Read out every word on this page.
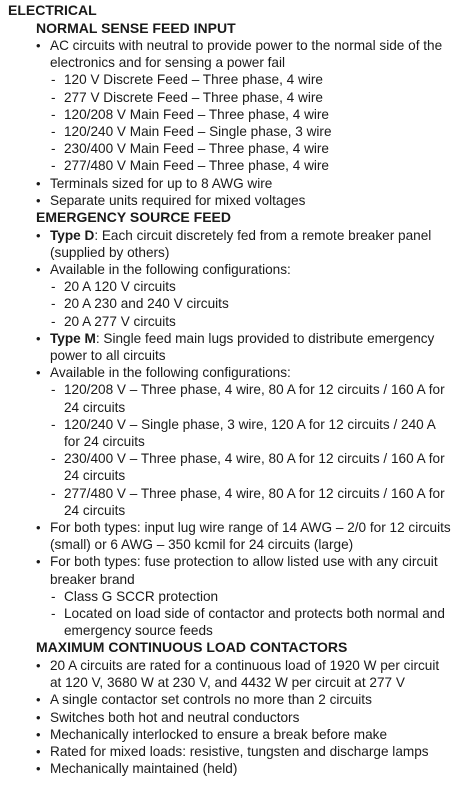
ELECTRICAL
NORMAL SENSE FEED INPUT
• AC circuits with neutral to provide power to the normal side of the electronics and for sensing a power fail
- 120 V Discrete Feed – Three phase, 4 wire
- 277 V Discrete Feed – Three phase, 4 wire
- 120/208 V Main Feed – Three phase, 4 wire
- 120/240 V Main Feed – Single phase, 3 wire
- 230/400 V Main Feed – Three phase, 4 wire
- 277/480 V Main Feed – Three phase, 4 wire
• Terminals sized for up to 8 AWG wire
• Separate units required for mixed voltages
EMERGENCY SOURCE FEED
• Type D: Each circuit discretely fed from a remote breaker panel (supplied by others)
• Available in the following configurations:
- 20 A 120 V circuits
- 20 A 230 and 240 V circuits
- 20 A 277 V circuits
• Type M: Single feed main lugs provided to distribute emergency power to all circuits
• Available in the following configurations:
- 120/208 V – Three phase, 4 wire, 80 A for 12 circuits / 160 A for 24 circuits
- 120/240 V – Single phase, 3 wire, 120 A for 12 circuits / 240 A for 24 circuits
- 230/400 V – Three phase, 4 wire, 80 A for 12 circuits / 160 A for 24 circuits
- 277/480 V – Three phase, 4 wire, 80 A for 12 circuits / 160 A for 24 circuits
• For both types: input lug wire range of 14 AWG – 2/0 for 12 circuits (small) or 6 AWG – 350 kcmil for 24 circuits (large)
• For both types: fuse protection to allow listed use with any circuit breaker brand
- Class G SCCR protection
- Located on load side of contactor and protects both normal and emergency source feeds
MAXIMUM CONTINUOUS LOAD CONTACTORS
• 20 A circuits are rated for a continuous load of 1920 W per circuit at 120 V, 3680 W at 230 V, and 4432 W per circuit at 277 V
• A single contactor set controls no more than 2 circuits
• Switches both hot and neutral conductors
• Mechanically interlocked to ensure a break before make
• Rated for mixed loads: resistive, tungsten and discharge lamps
• Mechanically maintained (held)
